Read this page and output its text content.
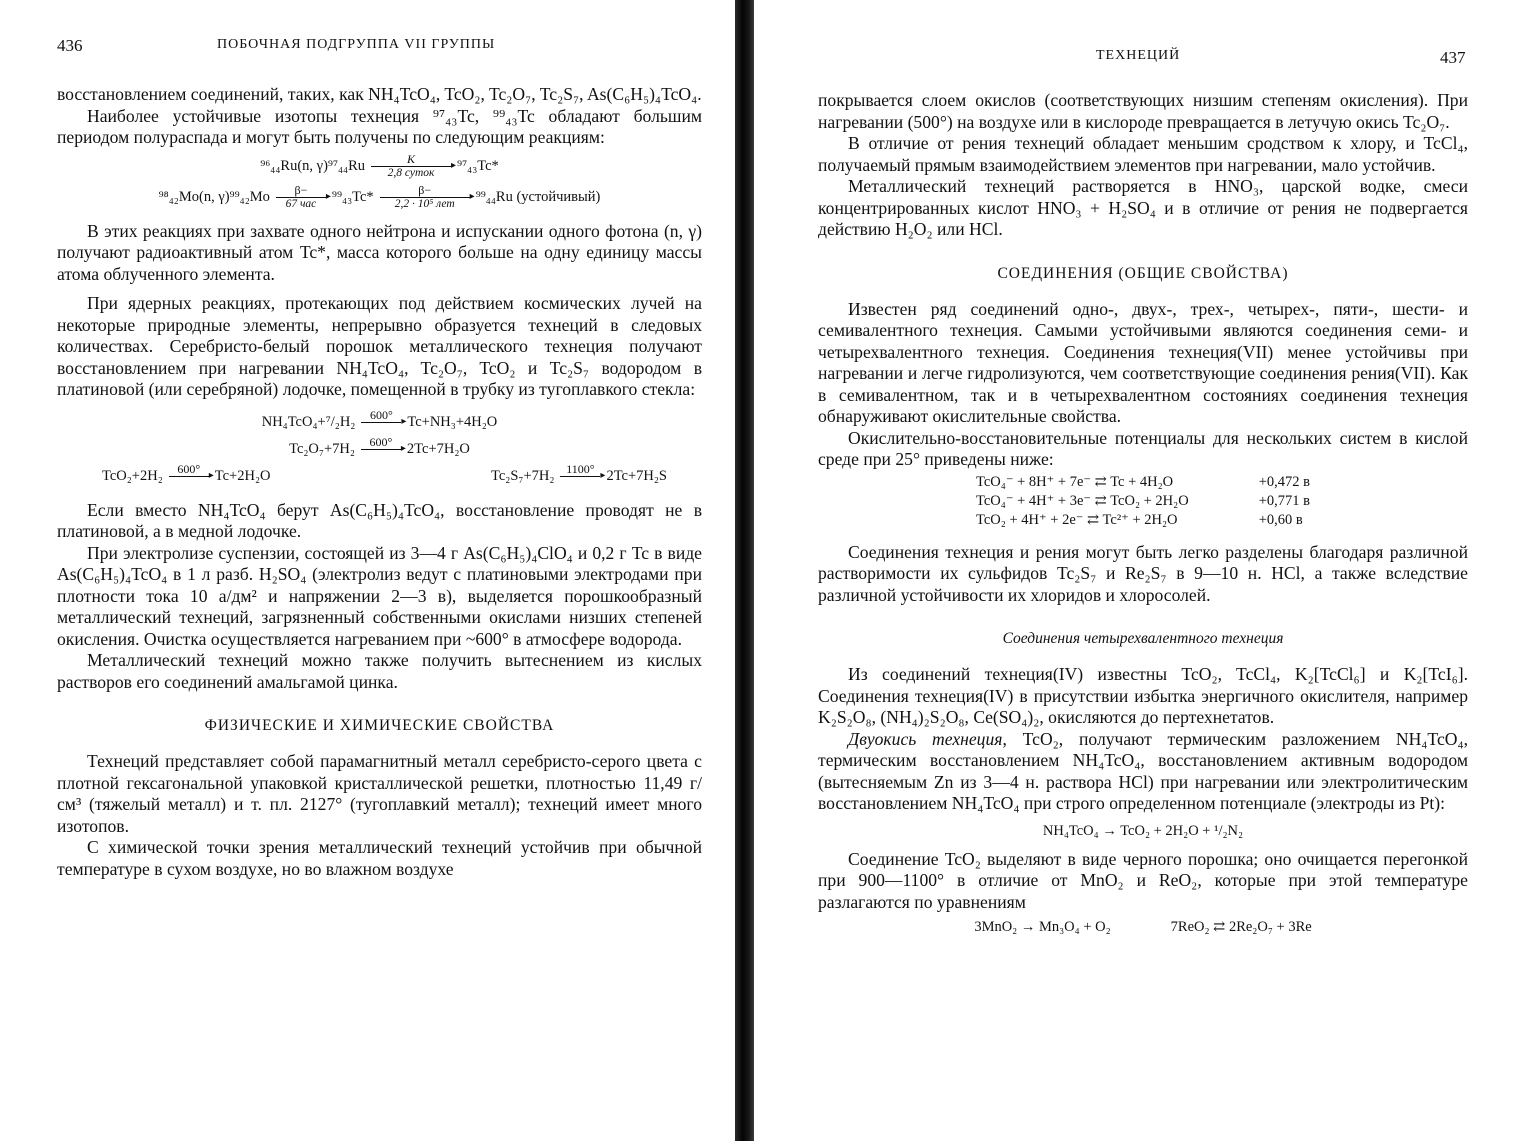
436	ПОБОЧНАЯ ПОДГРУППА VII ГРУППЫ

восстановлением соединений, таких, как NH₄TcO₄, TcO₂, Tc₂O₇, Tc₂S₇, As(C₆H₅)₄TcO₄.

Наиболее устойчивые изотопы технеция ⁹⁷₄₃Tc, ⁹⁹₄₃Tc обладают большим периодом полураспада и могут быть получены по следующим реакциям:

⁹⁶₄₄Ru(n, γ)⁹⁷₄₄Ru	K
▸
2,8 суток ⁹⁷₄₃Tc*
⁹⁸₄₂Mo(n, γ)⁹⁹₄₂Mo β−
▸
67 час ⁹⁹₄₃Tc*	β−
▸
2,2 · 10⁵ лет ⁹⁹₄₄Ru (устойчивый)

В этих реакциях при захвате одного нейтрона и испускании одного фотона (n, γ) получают радиоактивный атом Tc*, масса которого больше на одну единицу массы атома облученного элемента.

При ядерных реакциях, протекающих под действием космических лучей на некоторые природные элементы, непрерывно образуется технеций в следовых количествах. Серебристо-белый порошок металлического технеция получают восстановлением при нагревании NH₄TcO₄, Tc₂O₇, TcO₂ и Tc₂S₇ водородом в платиновой (или серебряной) лодочке, помещенной в трубку из тугоплавкого стекла:

NH₄TcO₄+⁷/₂H₂ 600° ▸
Tc+NH₃+4H₂O
Tc₂O₇+7H₂ 600° ▸
2Tc+7H₂O
TcO₂+2H₂ 600° ▸
Tc+2H₂O	Tc₂S₇+7H₂ 1100° ▸
2Tc+7H₂S

Если вместо NH₄TcO₄ берут As(C₆H₅)₄TcO₄, восстановление проводят не в платиновой, а в медной лодочке.

При электролизе суспензии, состоящей из 3—4 г As(C₆H₅)₄ClO₄ и 0,2 г Tc в виде As(C₆H₅)₄TcO₄ в 1 л разб. H₂SO₄ (электролиз ведут с платиновыми электродами при плотности тока 10 а/дм² и напряжении 2—3 в), выделяется порошкообразный металлический технеций, загрязненный собственными окислами низших степеней окисления. Очистка осуществляется нагреванием при ~600° в атмосфере водорода.

Металлический технеций можно также получить вытеснением из кислых растворов его соединений амальгамой цинка.

ФИЗИЧЕСКИЕ И ХИМИЧЕСКИЕ СВОЙСТВА

Технеций представляет собой парамагнитный металл серебристо-серого цвета с плотной гексагональной упаковкой кристаллической решетки, плотностью 11,49 г/см³ (тяжелый металл) и т. пл. 2127° (тугоплавкий металл); технеций имеет много изотопов.

С химической точки зрения металлический технеций устойчив при обычной температуре в сухом воздухе, но во влажном воздухе

ТЕХНЕЦИЙ	437

покрывается слоем окислов (соответствующих низшим степеням окисления). При нагревании (500°) на воздухе или в кислороде превращается в летучую окись Tc₂O₇.

В отличие от рения технеций обладает меньшим сродством к хлору, и TcCl₄, получаемый прямым взаимодействием элементов при нагревании, мало устойчив.

Металлический технеций растворяется в HNO₃, царской водке, смеси концентрированных кислот HNO₃ + H₂SO₄ и в отличие от рения не подвергается действию H₂O₂ или HCl.

СОЕДИНЕНИЯ (ОБЩИЕ СВОЙСТВА)

Известен ряд соединений одно-, двух-, трех-, четырех-, пяти-, шести- и семивалентного технеция. Самыми устойчивыми являются соединения семи- и четырехвалентного технеция. Соединения технеция(VII) менее устойчивы при нагревании и легче гидролизуются, чем соответствующие соединения рения(VII). Как в семивалентном, так и в четырехвалентном состояниях соединения технеция обнаруживают окислительные свойства.

Окислительно-восстановительные потенциалы для нескольких систем в кислой среде при 25° приведены ниже:

TcO₄⁻ + 8H⁺ + 7e⁻ ⇄ Tc + 4H₂O	+0,472 в
TcO₄⁻ + 4H⁺ + 3e⁻ ⇄ TcO₂ + 2H₂O	+0,771 в
TcO₂ + 4H⁺ + 2e⁻ ⇄ Tc²⁺ + 2H₂O	+0,60 в

Соединения технеция и рения могут быть легко разделены благодаря различной растворимости их сульфидов Tc₂S₇ и Re₂S₇ в 9—10 н. HCl, а также вследствие различной устойчивости их хлоридов и хлоросолей.

Соединения четырехвалентного технеция

Из соединений технеция(IV) известны TcO₂, TcCl₄, K₂[TcCl₆] и K₂[TcI₆]. Соединения технеция(IV) в присутствии избытка энергичного окислителя, например K₂S₂O₈, (NH₄)₂S₂O₈, Ce(SO₄)₂, окисляются до пертехнетатов.

Двуокись технеция, TcO₂, получают термическим разложением NH₄TcO₄, термическим восстановлением NH₄TcO₄, восстановлением активным водородом (вытесняемым Zn из 3—4 н. раствора HCl) при нагревании или электролитическим восстановлением NH₄TcO₄ при строго определенном потенциале (электроды из Pt):

NH₄TcO₄ → TcO₂ + 2H₂O + ¹/₂N₂

Соединение TcO₂ выделяют в виде черного порошка; оно очищается перегонкой при 900—1100° в отличие от MnO₂ и ReO₂, которые при этой температуре разлагаются по уравнениям

3MnO₂ → Mn₃O₄ + O₂	7ReO₂ ⇄ 2Re₂O₇ + 3Re
